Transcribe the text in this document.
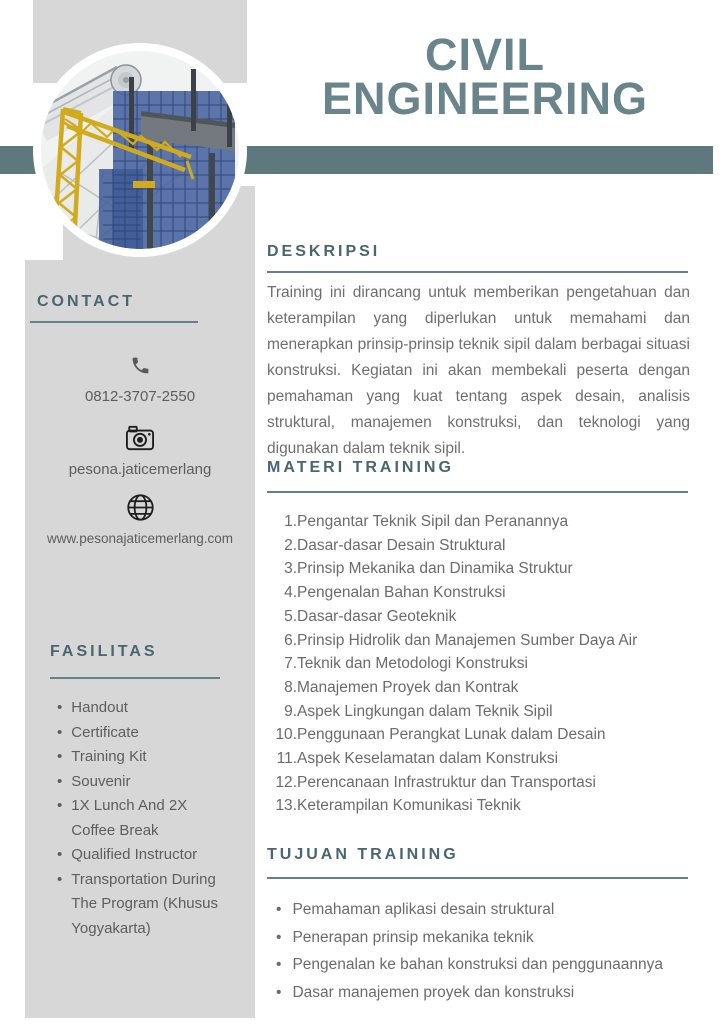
CIVIL
ENGINEERING
CONTACT
0812-3707-2550
pesona.jaticemerlang
www.pesonajaticemerlang.com
FASILITAS
• Handout
• Certificate
• Training Kit
• Souvenir
• 1X Lunch And 2X Coffee Break
• Qualified Instructor
• Transportation During The Program (Khusus Yogyakarta)
DESKRIPSI

Training ini dirancang untuk memberikan pengetahuan dan keterampilan yang diperlukan untuk memahami dan menerapkan prinsip-prinsip teknik sipil dalam berbagai situasi konstruksi. Kegiatan ini akan membekali peserta dengan pemahaman yang kuat tentang aspek desain, analisis struktural, manajemen konstruksi, dan teknologi yang digunakan dalam teknik sipil.

MATERI TRAINING
Pengantar Teknik Sipil dan Peranannya
Dasar-dasar Desain Struktural
Prinsip Mekanika dan Dinamika Struktur
Pengenalan Bahan Konstruksi
Dasar-dasar Geoteknik
Prinsip Hidrolik dan Manajemen Sumber Daya Air
Teknik dan Metodologi Konstruksi
Manajemen Proyek dan Kontrak
Aspek Lingkungan dalam Teknik Sipil
Penggunaan Perangkat Lunak dalam Desain
Aspek Keselamatan dalam Konstruksi
Perencanaan Infrastruktur dan Transportasi
Keterampilan Komunikasi Teknik
TUJUAN TRAINING
• Pemahaman aplikasi desain struktural
• Penerapan prinsip mekanika teknik
• Pengenalan ke bahan konstruksi dan penggunaannya
• Dasar manajemen proyek dan konstruksi
